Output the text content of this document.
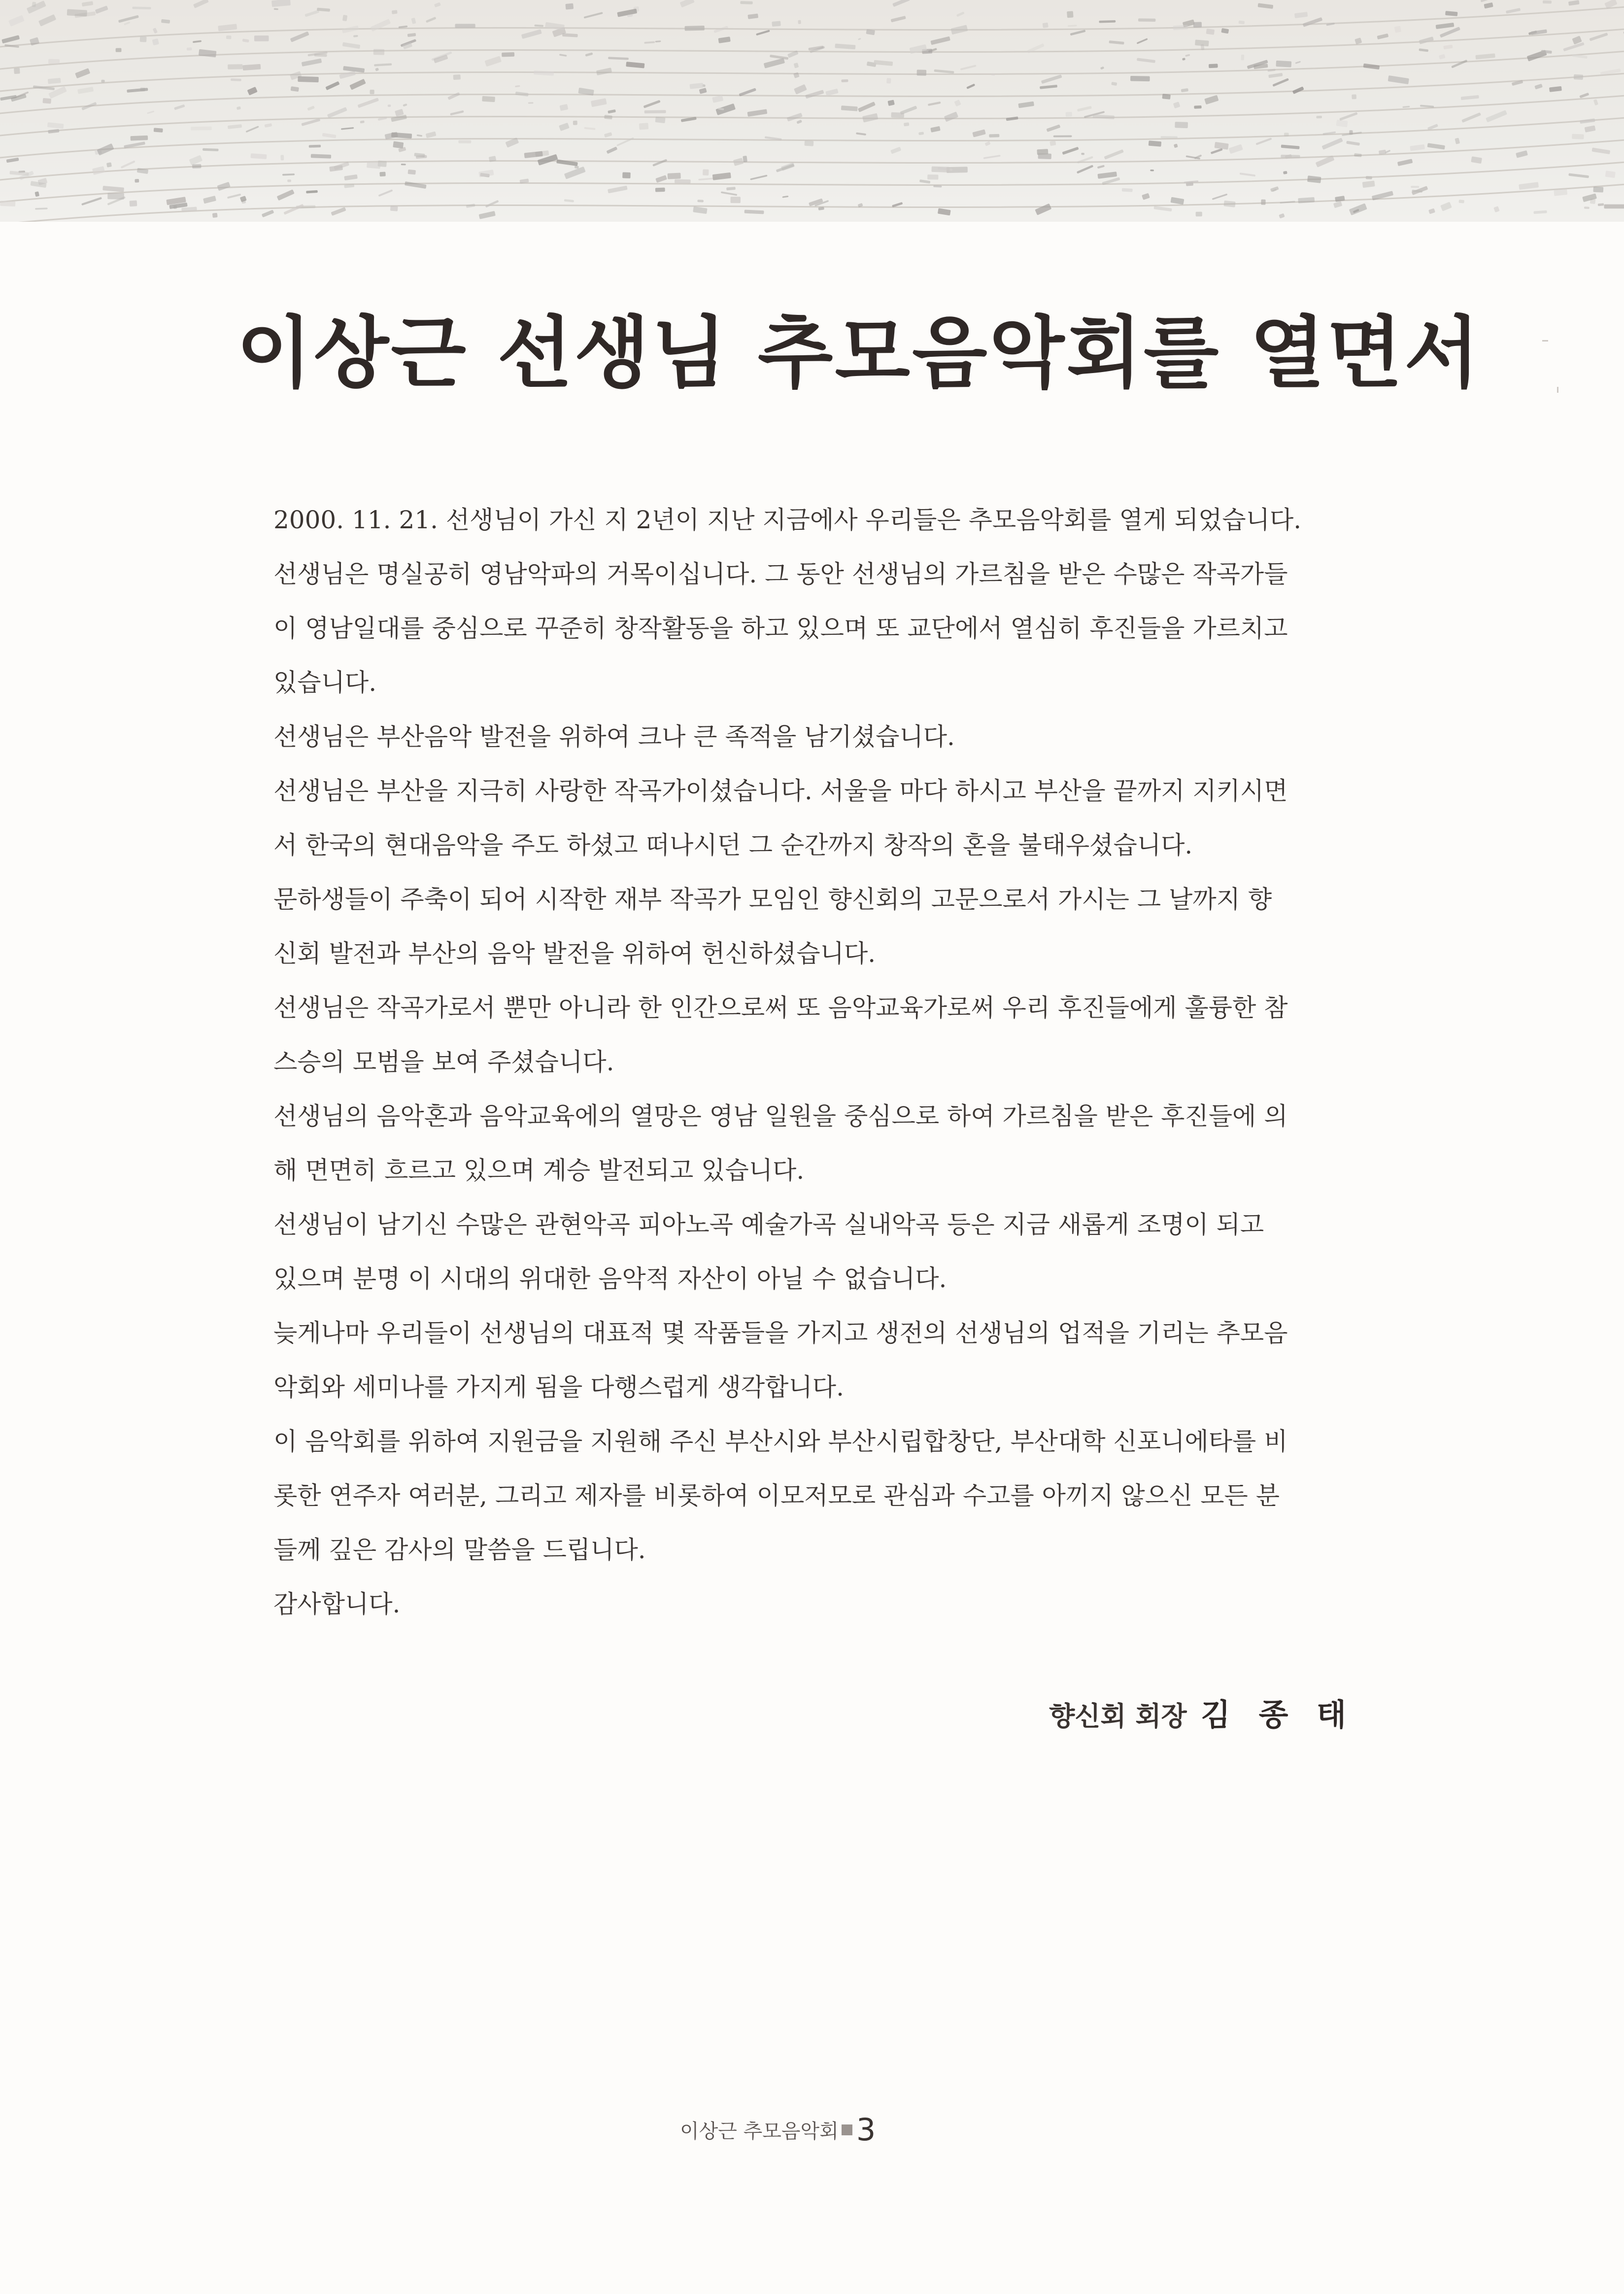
이상근 선생님 추모음악회를 열면서
2000. 11. 21. 선생님이 가신 지 2년이 지난 지금에사 우리들은 추모음악회를 열게 되었습니다.
선생님은 명실공히 영남악파의 거목이십니다. 그 동안 선생님의 가르침을 받은 수많은 작곡가들
이 영남일대를 중심으로 꾸준히 창작활동을 하고 있으며 또 교단에서 열심히 후진들을 가르치고
있습니다.
선생님은 부산음악 발전을 위하여 크나 큰 족적을 남기셨습니다.
선생님은 부산을 지극히 사랑한 작곡가이셨습니다. 서울을 마다 하시고 부산을 끝까지 지키시면
서 한국의 현대음악을 주도 하셨고 떠나시던 그 순간까지 창작의 혼을 불태우셨습니다.
문하생들이 주축이 되어 시작한 재부 작곡가 모임인 향신회의 고문으로서 가시는 그 날까지 향
신회 발전과 부산의 음악 발전을 위하여 헌신하셨습니다.
선생님은 작곡가로서 뿐만 아니라 한 인간으로써 또 음악교육가로써 우리 후진들에게 훌륭한 참
스승의 모범을 보여 주셨습니다.
선생님의 음악혼과 음악교육에의 열망은 영남 일원을 중심으로 하여 가르침을 받은 후진들에 의
해 면면히 흐르고 있으며 계승 발전되고 있습니다.
선생님이 남기신 수많은 관현악곡 피아노곡 예술가곡 실내악곡 등은 지금 새롭게 조명이 되고
있으며 분명 이 시대의 위대한 음악적 자산이 아닐 수 없습니다.
늦게나마 우리들이 선생님의 대표적 몇 작품들을 가지고 생전의 선생님의 업적을 기리는 추모음
악회와 세미나를 가지게 됨을 다행스럽게 생각합니다.
이 음악회를 위하여 지원금을 지원해 주신 부산시와 부산시립합창단, 부산대학 신포니에타를 비
롯한 연주자 여러분, 그리고 제자를 비롯하여 이모저모로 관심과 수고를 아끼지 않으신 모든 분
들께 깊은 감사의 말씀을 드립니다.
감사합니다.
향신회 회장 김 종 태
이상근 추모음악회 3
